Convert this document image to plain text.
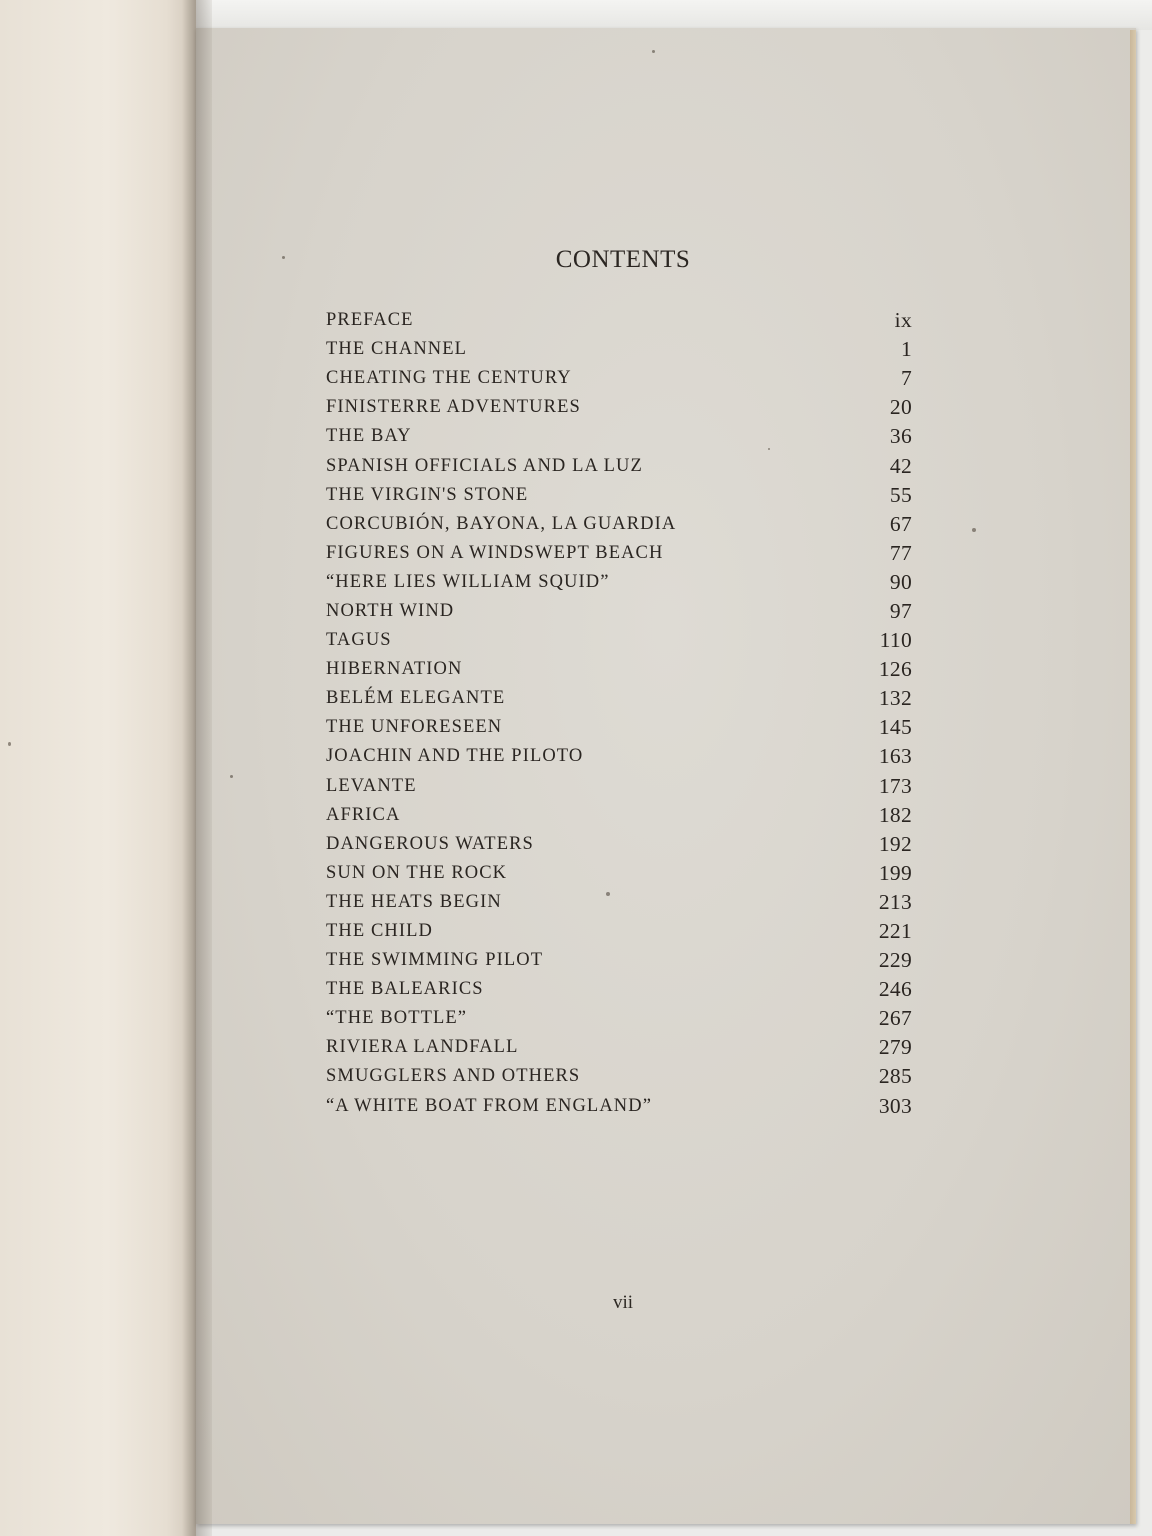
CONTENTS
PREFACE	ix
THE CHANNEL	1
CHEATING THE CENTURY	7
FINISTERRE ADVENTURES	20
THE BAY	36
SPANISH OFFICIALS AND LA LUZ	42
THE VIRGIN'S STONE	55
CORCUBIÓN, BAYONA, LA GUARDIA	67
FIGURES ON A WINDSWEPT BEACH	77
“HERE LIES WILLIAM SQUID”	90
NORTH WIND	97
TAGUS	110
HIBERNATION	126
BELÉM ELEGANTE	132
THE UNFORESEEN	145
JOACHIN AND THE PILOTO	163
LEVANTE	173
AFRICA	182
DANGEROUS WATERS	192
SUN ON THE ROCK	199
THE HEATS BEGIN	213
THE CHILD	221
THE SWIMMING PILOT	229
THE BALEARICS	246
“THE BOTTLE”	267
RIVIERA LANDFALL	279
SMUGGLERS AND OTHERS	285
“A WHITE BOAT FROM ENGLAND”	303
vii
